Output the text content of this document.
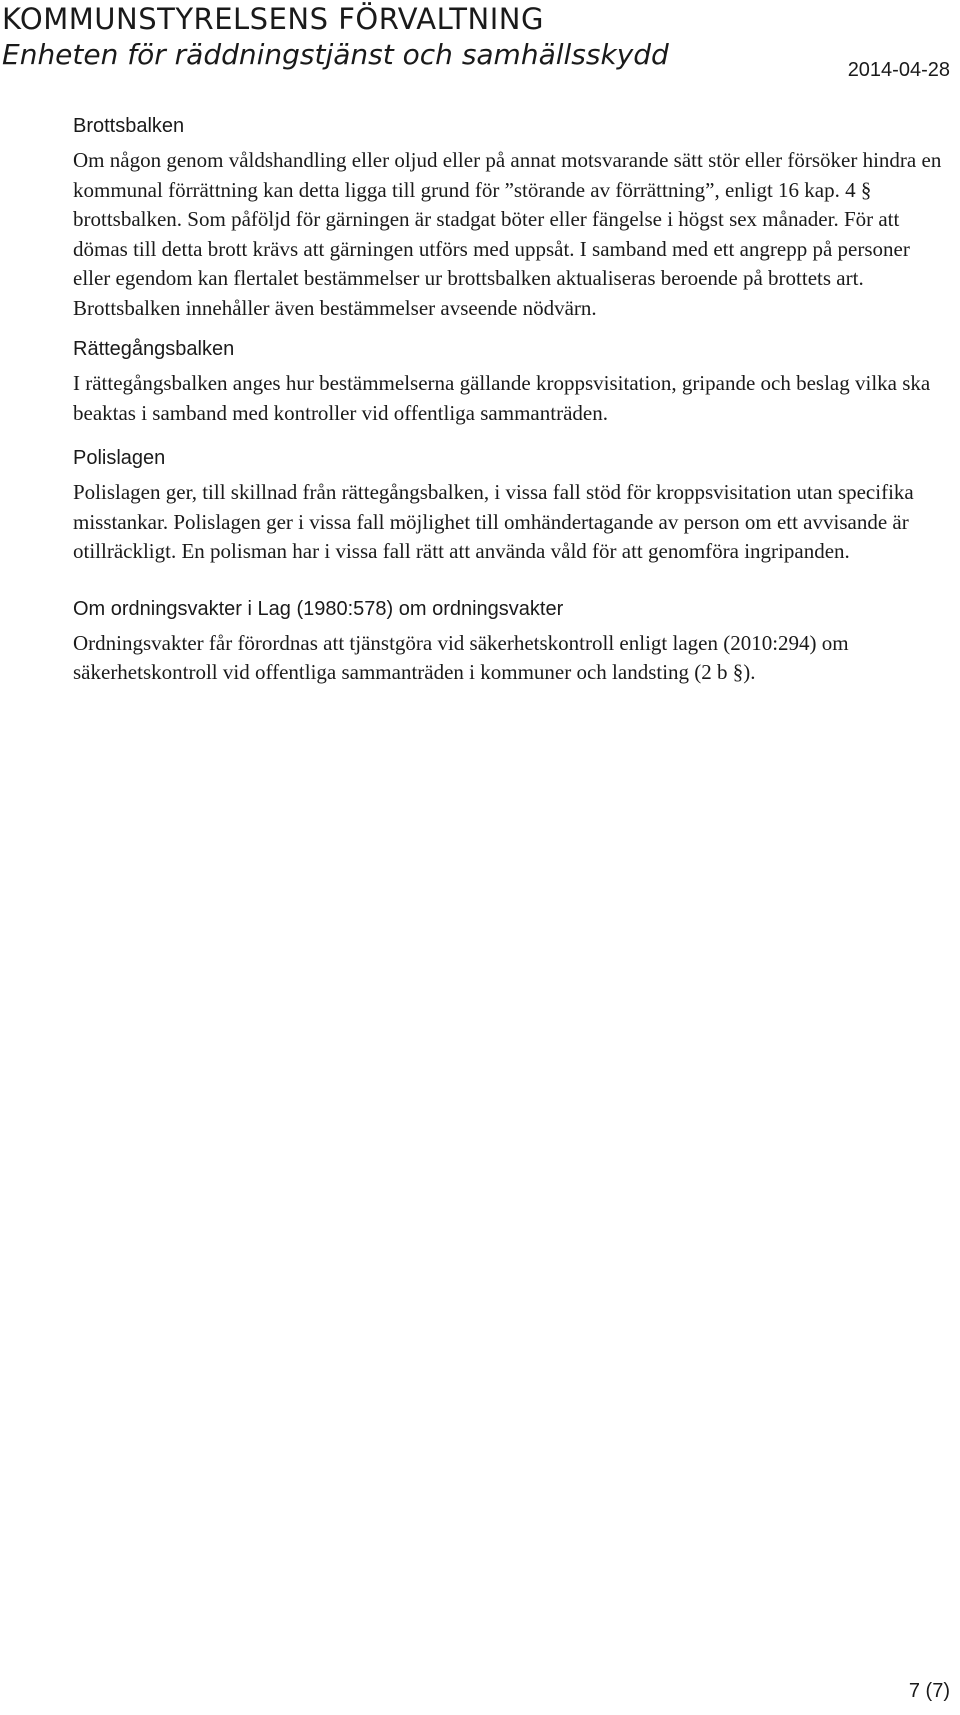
KOMMUNSTYRELSENS FÖRVALTNING
Enheten för räddningstjänst och samhällsskydd	2014-04-28
Brottsbalken

Om någon genom våldshandling eller oljud eller på annat motsvarande sätt stör eller försöker hindra en kommunal förrättning kan detta ligga till grund för ”störande av förrättning”, enligt 16 kap. 4 § brottsbalken. Som påföljd för gärningen är stadgat böter eller fängelse i högst sex månader. För att dömas till detta brott krävs att gärningen utförs med uppsåt. I samband med ett angrepp på personer eller egendom kan flertalet bestämmelser ur brottsbalken aktualiseras beroende på brottets art. Brottsbalken innehåller även bestämmelser avseende nödvärn.

Rättegångsbalken

I rättegångsbalken anges hur bestämmelserna gällande kroppsvisitation, gripande och beslag vilka ska beaktas i samband med kontroller vid offentliga sammanträden.

Polislagen

Polislagen ger, till skillnad från rättegångsbalken, i vissa fall stöd för kroppsvisitation utan specifika misstankar. Polislagen ger i vissa fall möjlighet till omhändertagande av person om ett avvisande är otillräckligt. En polisman har i vissa fall rätt att använda våld för att genomföra ingripanden.

Om ordningsvakter i Lag (1980:578) om ordningsvakter

Ordningsvakter får förordnas att tjänstgöra vid säkerhetskontroll enligt lagen (2010:294) om säkerhetskontroll vid offentliga sammanträden i kommuner och landsting (2 b §).

7 (7)
